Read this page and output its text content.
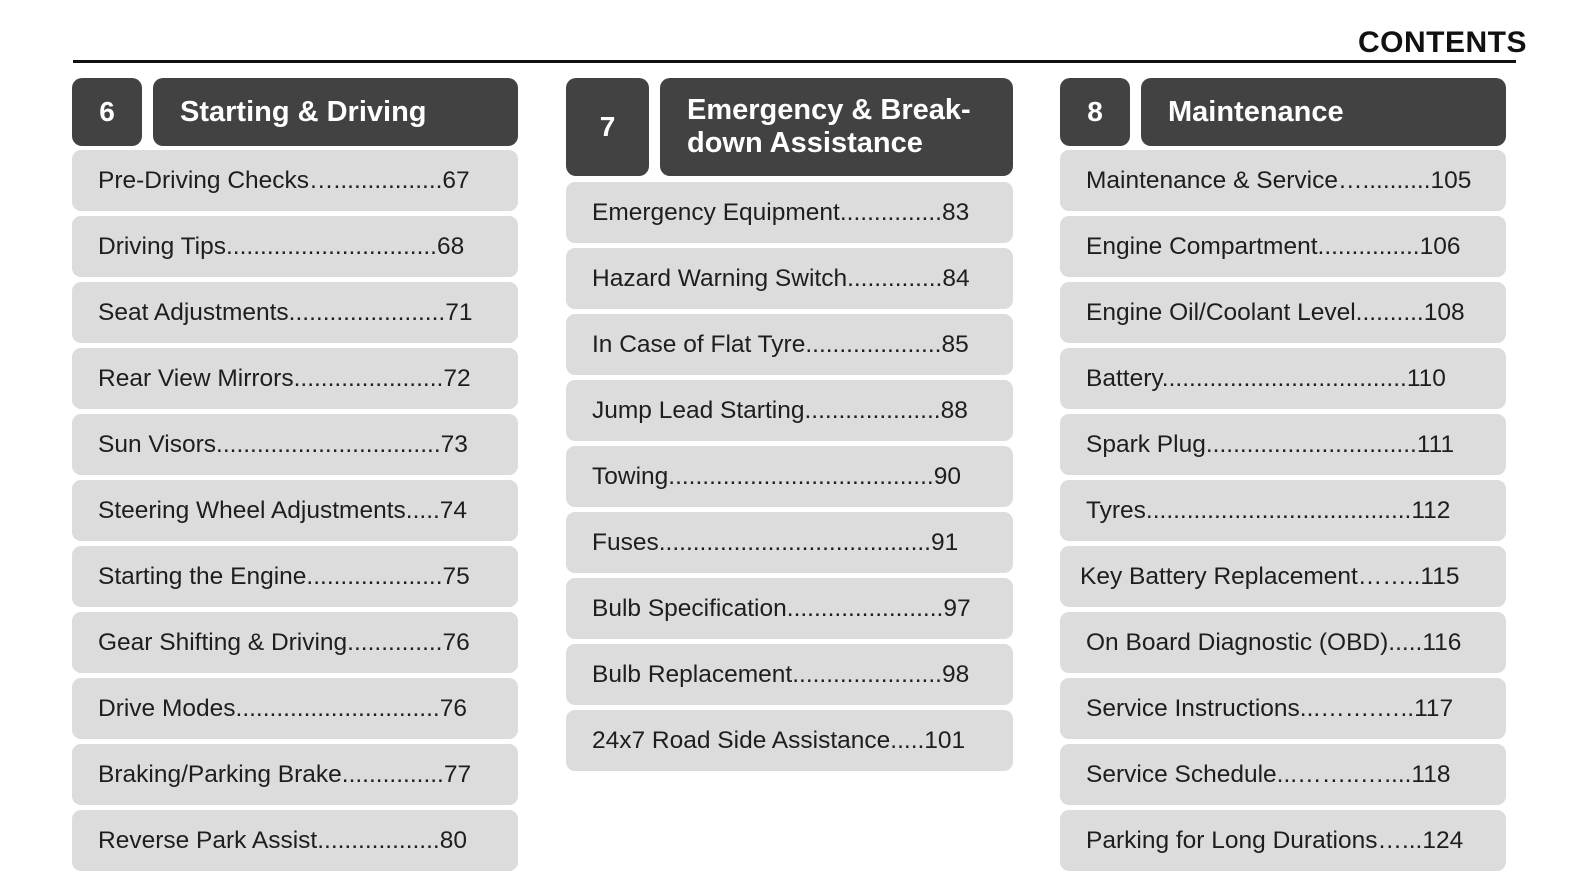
CONTENTS
6	Starting & Driving
Pre-Driving Checks…................67
Driving Tips...............................68
Seat Adjustments.......................71
Rear View Mirrors......................72
Sun Visors.................................73
Steering Wheel Adjustments.....74
Starting the Engine....................75
Gear Shifting & Driving..............76
Drive Modes..............................76
Braking/Parking Brake...............77
Reverse Park Assist..................80
7
Emergency & Break- down Assistance
Emergency Equipment...............83
Hazard Warning Switch..............84
In Case of Flat Tyre....................85
Jump Lead Starting....................88
Towing.......................................90
Fuses........................................91
Bulb Specification.......................97
Bulb Replacement......................98
24x7 Road Side Assistance.....101
8	Maintenance
Maintenance & Service…..........105
Engine Compartment...............106
Engine Oil/Coolant Level..........108
Battery....................................110
Spark Plug...............................111
Tyres.......................................112
Key Battery Replacement……..115
On Board Diagnostic (OBD).....116
Service Instructions...…….…..117
Service Schedule...……..…....118
Parking for Long Durations…...124
